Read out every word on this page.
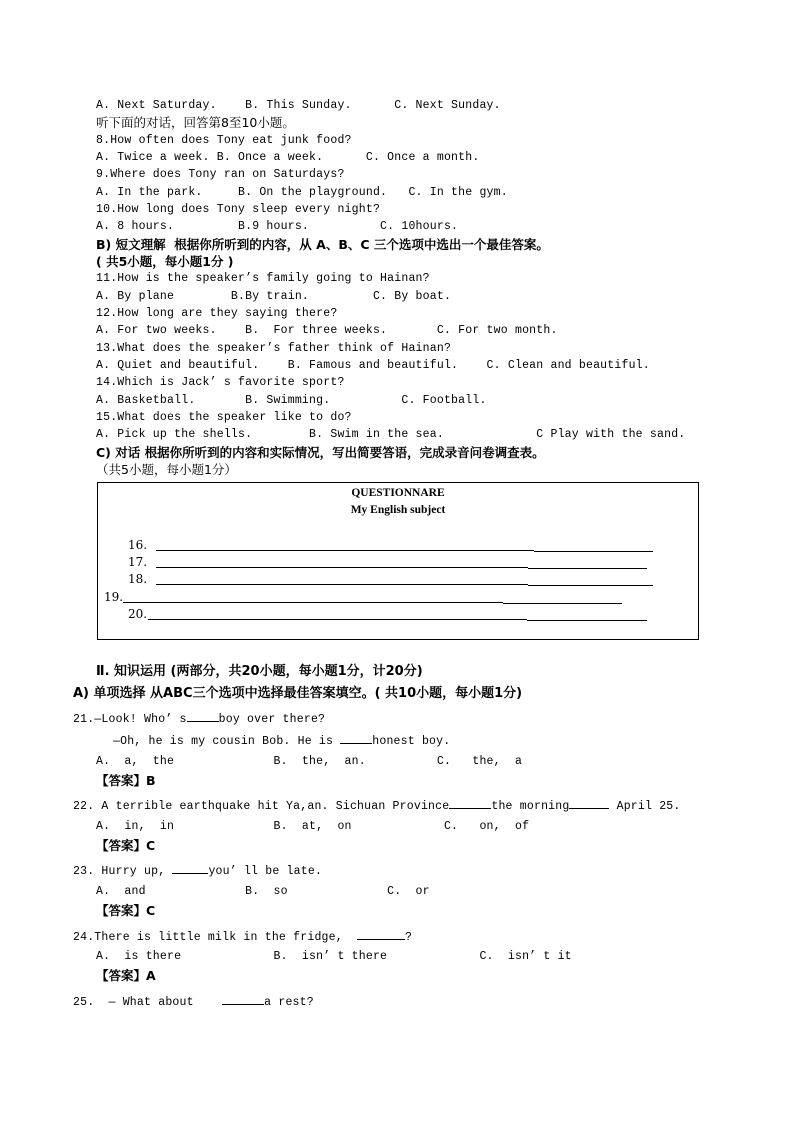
A. Next Saturday.    B. This Sunday.      C. Next Sunday.
听下面的对话，回答第8至10小题。
8.How often does Tony eat junk food?
A. Twice a week. B. Once a week.      C. Once a month.
9.Where does Tony ran on Saturdays?
A. In the park.     B. On the playground.   C. In the gym.
10.How long does Tony sleep every night?
A. 8 hours.         B.9 hours.          C. 10hours.
B) 短文理解  根据你所听到的内容，从 A、B、C 三个选项中选出一个最佳答案。
( 共5小题，每小题1分 )
11.How is the speaker’s family going to Hainan?
A. By plane        B.By train.         C. By boat.
12.How long are they saying there?
A. For two weeks.    B.  For three weeks.       C. For two month.
13.What does the speaker’s father think of Hainan?
A. Quiet and beautiful.    B. Famous and beautiful.    C. Clean and beautiful.
14.Which is Jack’ s favorite sport?
A. Basketball.       B. Swimming.          C. Football.
15.What does the speaker like to do?
A. Pick up the shells.        B. Swim in the sea.             C Play with the sand.
C) 对话 根据你所听到的内容和实际情况，写出简要答语，完成录音问卷调查表。
（共5小题，每小题1分）
QUESTIONNARE
My English subject
16.
17.
18.
19.
20.
Ⅱ. 知识运用 (两部分，共20小题，每小题1分，计20分)
A) 单项选择 从ABC三个选项中选择最佳答案填空。( 共10小题，每小题1分)
21.—Look! Who’ s	boy over there?
—Oh, he is my cousin Bob. He is	honest boy.
A.  a,  the              B.  the,  an.          C.   the,  a
【答案】B
22. A terrible earthquake hit Ya,an. Sichuan Province	the morning	April 25.
A.  in,  in              B.  at,  on             C.   on,  of
【答案】C
23. Hurry up,	you’ ll be late.
A.  and              B.  so              C.  or
【答案】C
24.There is little milk in the fridge,	?
A.  is there             B.  isn’ t there             C.  isn’ t it
【答案】A
25.  — What about	a rest?
